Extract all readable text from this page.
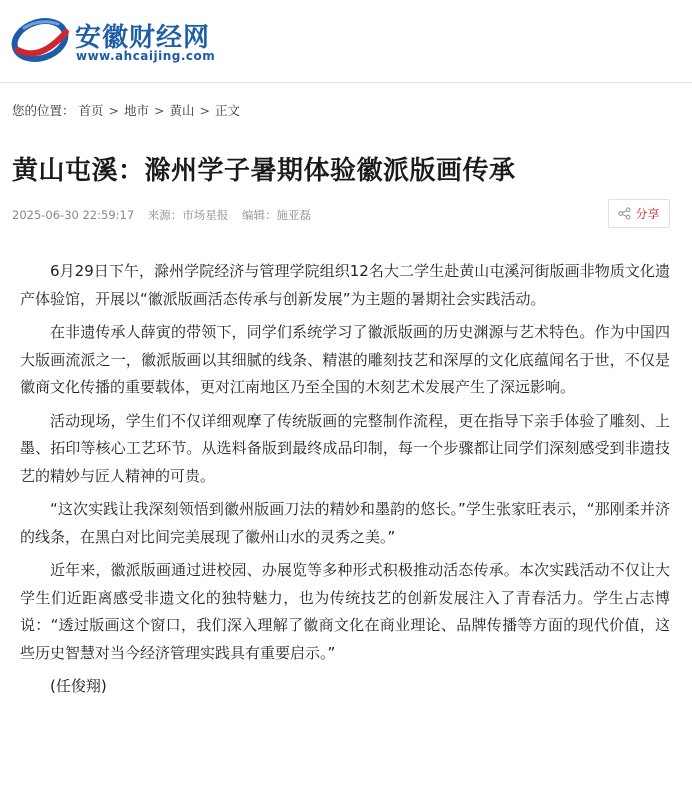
安徽财经网
www.ahcaijing.com
您的位置： 首页 > 地市 > 黄山 > 正文
黄山屯溪：滁州学子暑期体验徽派版画传承
2025-06-30 22:59:17 来源：市场星报 编辑：施亚磊	分享

6月29日下午，滁州学院经济与管理学院组织12名大二学生赴黄山屯溪河街版画非物质文化遗产体验馆，开展以“徽派版画活态传承与创新发展”为主题的暑期社会实践活动。

在非遗传承人薛寅的带领下，同学们系统学习了徽派版画的历史渊源与艺术特色。作为中国四大版画流派之一，徽派版画以其细腻的线条、精湛的雕刻技艺和深厚的文化底蕴闻名于世，不仅是徽商文化传播的重要载体，更对江南地区乃至全国的木刻艺术发展产生了深远影响。

活动现场，学生们不仅详细观摩了传统版画的完整制作流程，更在指导下亲手体验了雕刻、上墨、拓印等核心工艺环节。从选料备版到最终成品印制，每一个步骤都让同学们深刻感受到非遗技艺的精妙与匠人精神的可贵。

“这次实践让我深刻领悟到徽州版画刀法的精妙和墨韵的悠长。”学生张家旺表示，“那刚柔并济的线条，在黑白对比间完美展现了徽州山水的灵秀之美。”

近年来，徽派版画通过进校园、办展览等多种形式积极推动活态传承。本次实践活动不仅让大学生们近距离感受非遗文化的独特魅力，也为传统技艺的创新发展注入了青春活力。学生占志博说：“透过版画这个窗口，我们深入理解了徽商文化在商业理论、品牌传播等方面的现代价值，这些历史智慧对当今经济管理实践具有重要启示。”

(任俊翔)
